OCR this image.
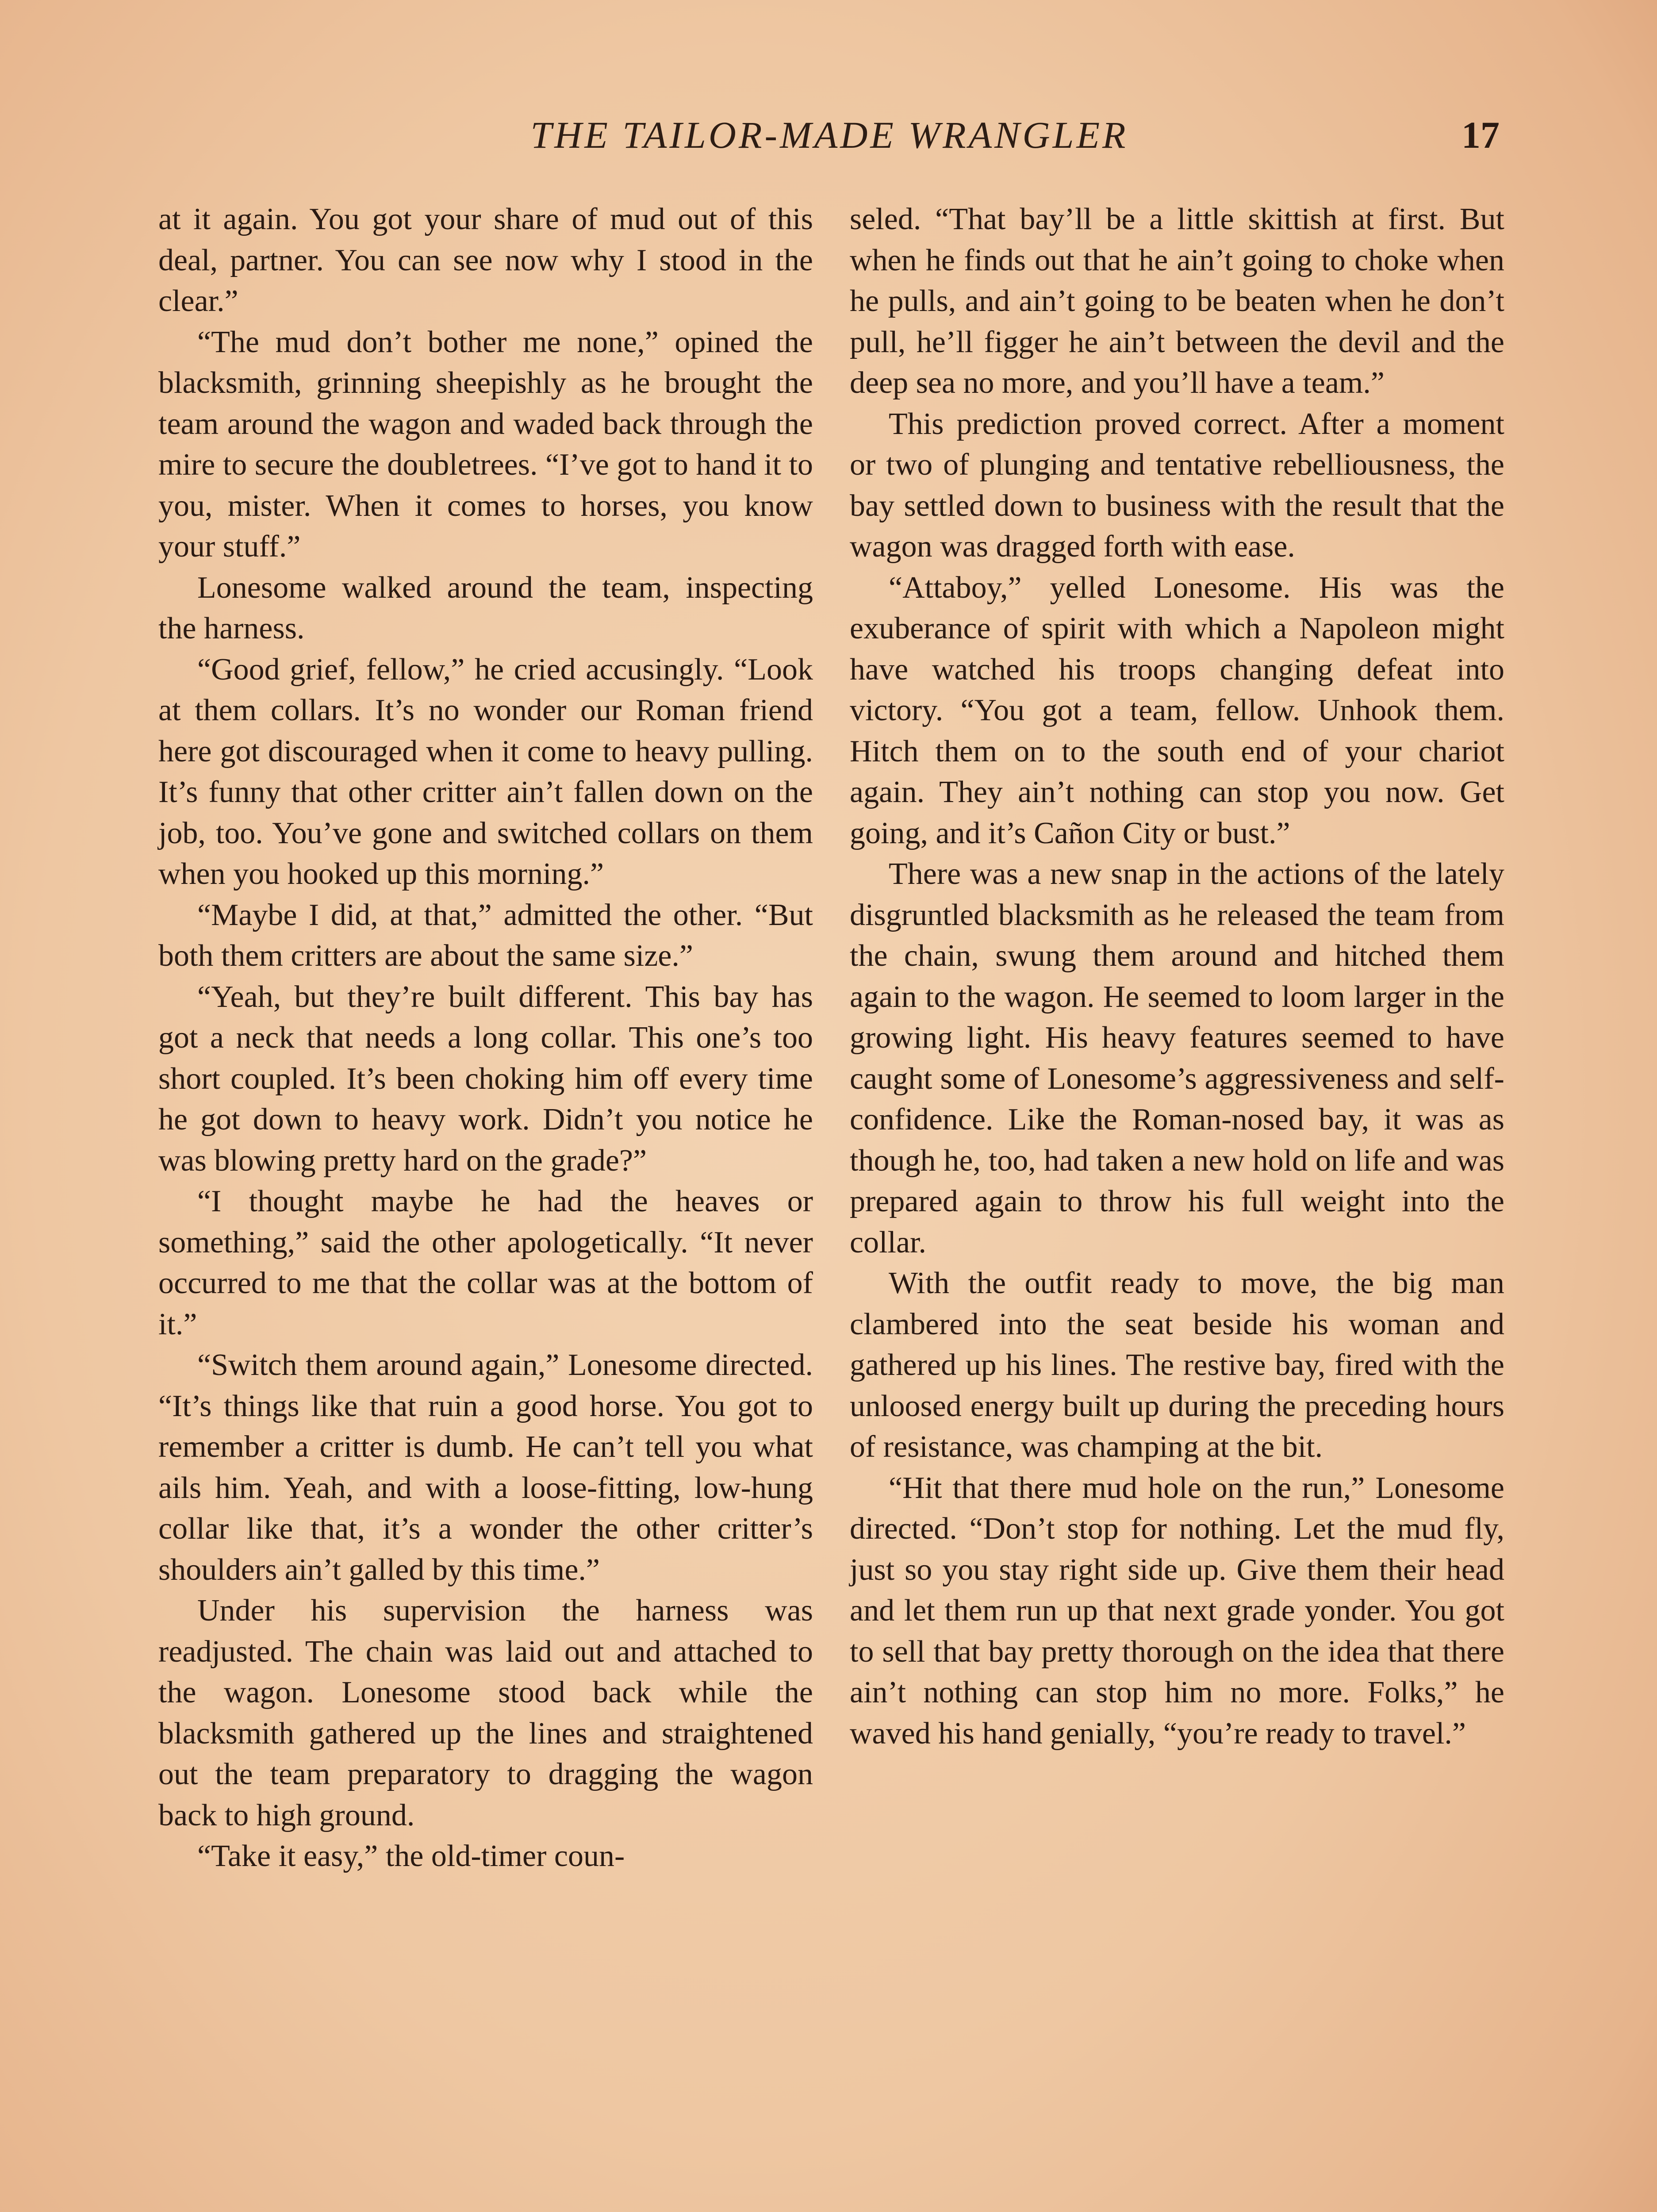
THE TAILOR-MADE WRANGLER	17

at it again. You got your share of mud out of this deal, partner. You can see now why I stood in the clear.”

“The mud don’t bother me none,” opined the blacksmith, grinning sheepishly as he brought the team around the wagon and waded back through the mire to secure the doubletrees. “I’ve got to hand it to you, mister. When it comes to horses, you know your stuff.”

Lonesome walked around the team, inspecting the harness.

“Good grief, fellow,” he cried accusingly. “Look at them collars. It’s no wonder our Roman friend here got discouraged when it come to heavy pulling. It’s funny that other critter ain’t fallen down on the job, too. You’ve gone and switched collars on them when you hooked up this morning.”

“Maybe I did, at that,” admitted the other. “But both them critters are about the same size.”

“Yeah, but they’re built different. This bay has got a neck that needs a long collar. This one’s too short coupled. It’s been choking him off every time he got down to heavy work. Didn’t you notice he was blowing pretty hard on the grade?”

“I thought maybe he had the heaves or something,” said the other apologetically. “It never occurred to me that the collar was at the bottom of it.”

“Switch them around again,” Lonesome directed. “It’s things like that ruin a good horse. You got to remember a critter is dumb. He can’t tell you what ails him. Yeah, and with a loose-fitting, low-hung collar like that, it’s a wonder the other critter’s shoulders ain’t galled by this time.”

Under his supervision the harness was readjusted. The chain was laid out and attached to the wagon. Lonesome stood back while the blacksmith gathered up the lines and straightened out the team preparatory to dragging the wagon back to high ground.

“Take it easy,” the old-timer coun-

seled. “That bay’ll be a little skittish at first. But when he finds out that he ain’t going to choke when he pulls, and ain’t going to be beaten when he don’t pull, he’ll figger he ain’t between the devil and the deep sea no more, and you’ll have a team.”

This prediction proved correct. After a moment or two of plunging and tentative rebelliousness, the bay settled down to business with the result that the wagon was dragged forth with ease.

“Attaboy,” yelled Lonesome. His was the exuberance of spirit with which a Napoleon might have watched his troops changing defeat into victory. “You got a team, fellow. Unhook them. Hitch them on to the south end of your chariot again. They ain’t nothing can stop you now. Get going, and it’s Cañon City or bust.”

There was a new snap in the actions of the lately disgruntled blacksmith as he released the team from the chain, swung them around and hitched them again to the wagon. He seemed to loom larger in the growing light. His heavy features seemed to have caught some of Lonesome’s aggressiveness and self-confidence. Like the Roman-nosed bay, it was as though he, too, had taken a new hold on life and was prepared again to throw his full weight into the collar.

With the outfit ready to move, the big man clambered into the seat beside his woman and gathered up his lines. The restive bay, fired with the unloosed energy built up during the preceding hours of resistance, was champing at the bit.

“Hit that there mud hole on the run,” Lonesome directed. “Don’t stop for nothing. Let the mud fly, just so you stay right side up. Give them their head and let them run up that next grade yonder. You got to sell that bay pretty thorough on the idea that there ain’t nothing can stop him no more. Folks,” he waved his hand genially, “you’re ready to travel.”
